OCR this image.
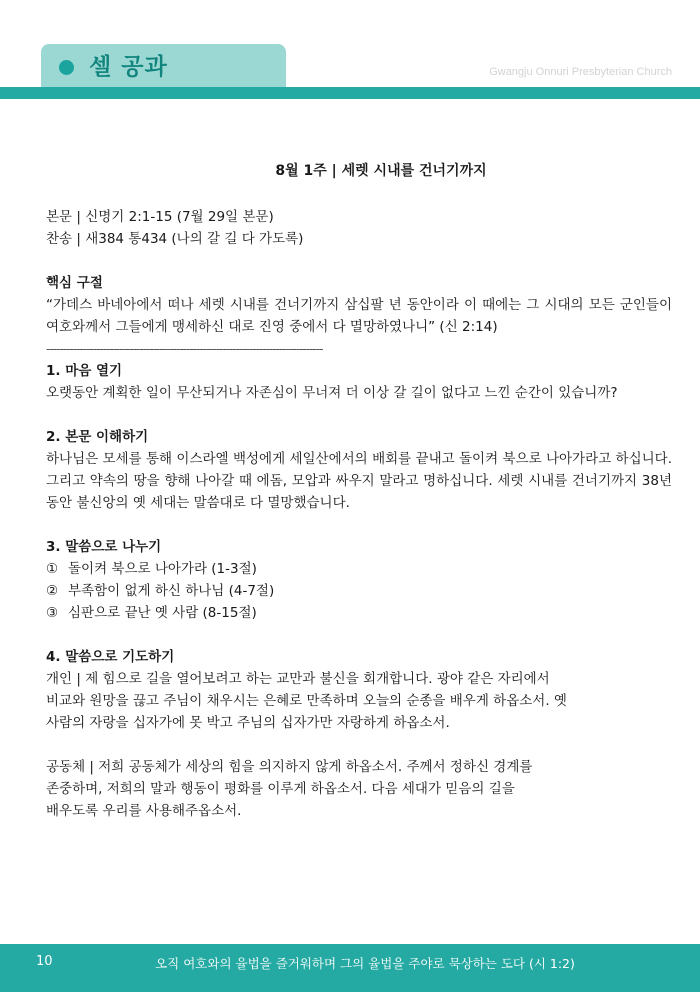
셀 공과	Gwangju Onnuri Presbyterian Church
8월 1주 | 세렛 시내를 건너기까지

본문 | 신명기 2:1-15 (7월 29일 본문)

찬송 | 새384 통434 (나의 갈 길 다 가도록)

핵심 구절

“가데스 바네아에서 떠나 세렛 시내를 건너기까지 삼십팔 년 동안이라 이 때에는 그 시대의 모든 군인들이 여호와께서 그들에게 맹세하신 대로 진영 중에서 다 멸망하였나니” (신 2:14)

-----------------------------------------------------------------------------------

1. 마음 열기

오랫동안 계획한 일이 무산되거나 자존심이 무너져 더 이상 갈 길이 없다고 느낀 순간이 있습니까?

2. 본문 이해하기

하나님은 모세를 통해 이스라엘 백성에게 세일산에서의 배회를 끝내고 돌이켜 북으로 나아가라고 하십니다. 그리고 약속의 땅을 향해 나아갈 때 에돔, 모압과 싸우지 말라고 명하십니다. 세렛 시내를 건너기까지 38년 동안 불신앙의 옛 세대는 말씀대로 다 멸망했습니다.

3. 말씀으로 나누기

① 돌이켜 북으로 나아가라 (1-3절)
② 부족함이 없게 하신 하나님 (4-7절)
③ 심판으로 끝난 옛 사람 (8-15절)

4. 말씀으로 기도하기

개인 | 제 힘으로 길을 열어보려고 하는 교만과 불신을 회개합니다. 광야 같은 자리에서

비교와 원망을 끊고 주님이 채우시는 은혜로 만족하며 오늘의 순종을 배우게 하옵소서. 옛

사람의 자랑을 십자가에 못 박고 주님의 십자가만 자랑하게 하옵소서.

공동체 | 저희 공동체가 세상의 힘을 의지하지 않게 하옵소서. 주께서 정하신 경계를

존중하며, 저희의 말과 행동이 평화를 이루게 하옵소서. 다음 세대가 믿음의 길을

배우도록 우리를 사용해주옵소서.

10	오직 여호와의 율법을 즐거워하며 그의 율법을 주야로 묵상하는 도다 (시 1:2)
